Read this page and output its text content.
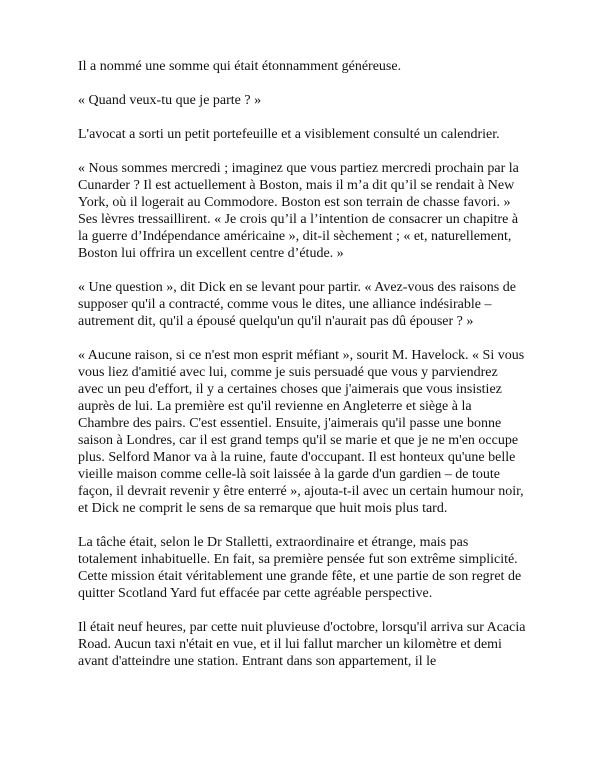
Il a nommé une somme qui était étonnamment généreuse.

« Quand veux-tu que je parte ? »

L'avocat a sorti un petit portefeuille et a visiblement consulté un calendrier.

« Nous sommes mercredi ; imaginez que vous partiez mercredi prochain par la Cunarder ? Il est actuellement à Boston, mais il m’a dit qu’il se rendait à New York, où il logerait au Commodore. Boston est son terrain de chasse favori. » Ses lèvres tressaillirent. « Je crois qu’il a l’intention de consacrer un chapitre à la guerre d’Indépendance américaine », dit-il sèchement ; « et, naturellement, Boston lui offrira un excellent centre d’étude. »

« Une question », dit Dick en se levant pour partir. « Avez-vous des raisons de supposer qu'il a contracté, comme vous le dites, une alliance indésirable – autrement dit, qu'il a épousé quelqu'un qu'il n'aurait pas dû épouser ? »

« Aucune raison, si ce n'est mon esprit méfiant », sourit M. Havelock. « Si vous vous liez d'amitié avec lui, comme je suis persuadé que vous y parviendrez avec un peu d'effort, il y a certaines choses que j'aimerais que vous insistiez auprès de lui. La première est qu'il revienne en Angleterre et siège à la Chambre des pairs. C'est essentiel. Ensuite, j'aimerais qu'il passe une bonne saison à Londres, car il est grand temps qu'il se marie et que je ne m'en occupe plus. Selford Manor va à la ruine, faute d'occupant. Il est honteux qu'une belle vieille maison comme celle-là soit laissée à la garde d'un gardien – de toute façon, il devrait revenir y être enterré », ajouta-t-il avec un certain humour noir, et Dick ne comprit le sens de sa remarque que huit mois plus tard.

La tâche était, selon le Dr Stalletti, extraordinaire et étrange, mais pas totalement inhabituelle. En fait, sa première pensée fut son extrême simplicité. Cette mission était véritablement une grande fête, et une partie de son regret de quitter Scotland Yard fut effacée par cette agréable perspective.

Il était neuf heures, par cette nuit pluvieuse d'octobre, lorsqu'il arriva sur Acacia Road. Aucun taxi n'était en vue, et il lui fallut marcher un kilomètre et demi avant d'atteindre une station. Entrant dans son appartement, il le
